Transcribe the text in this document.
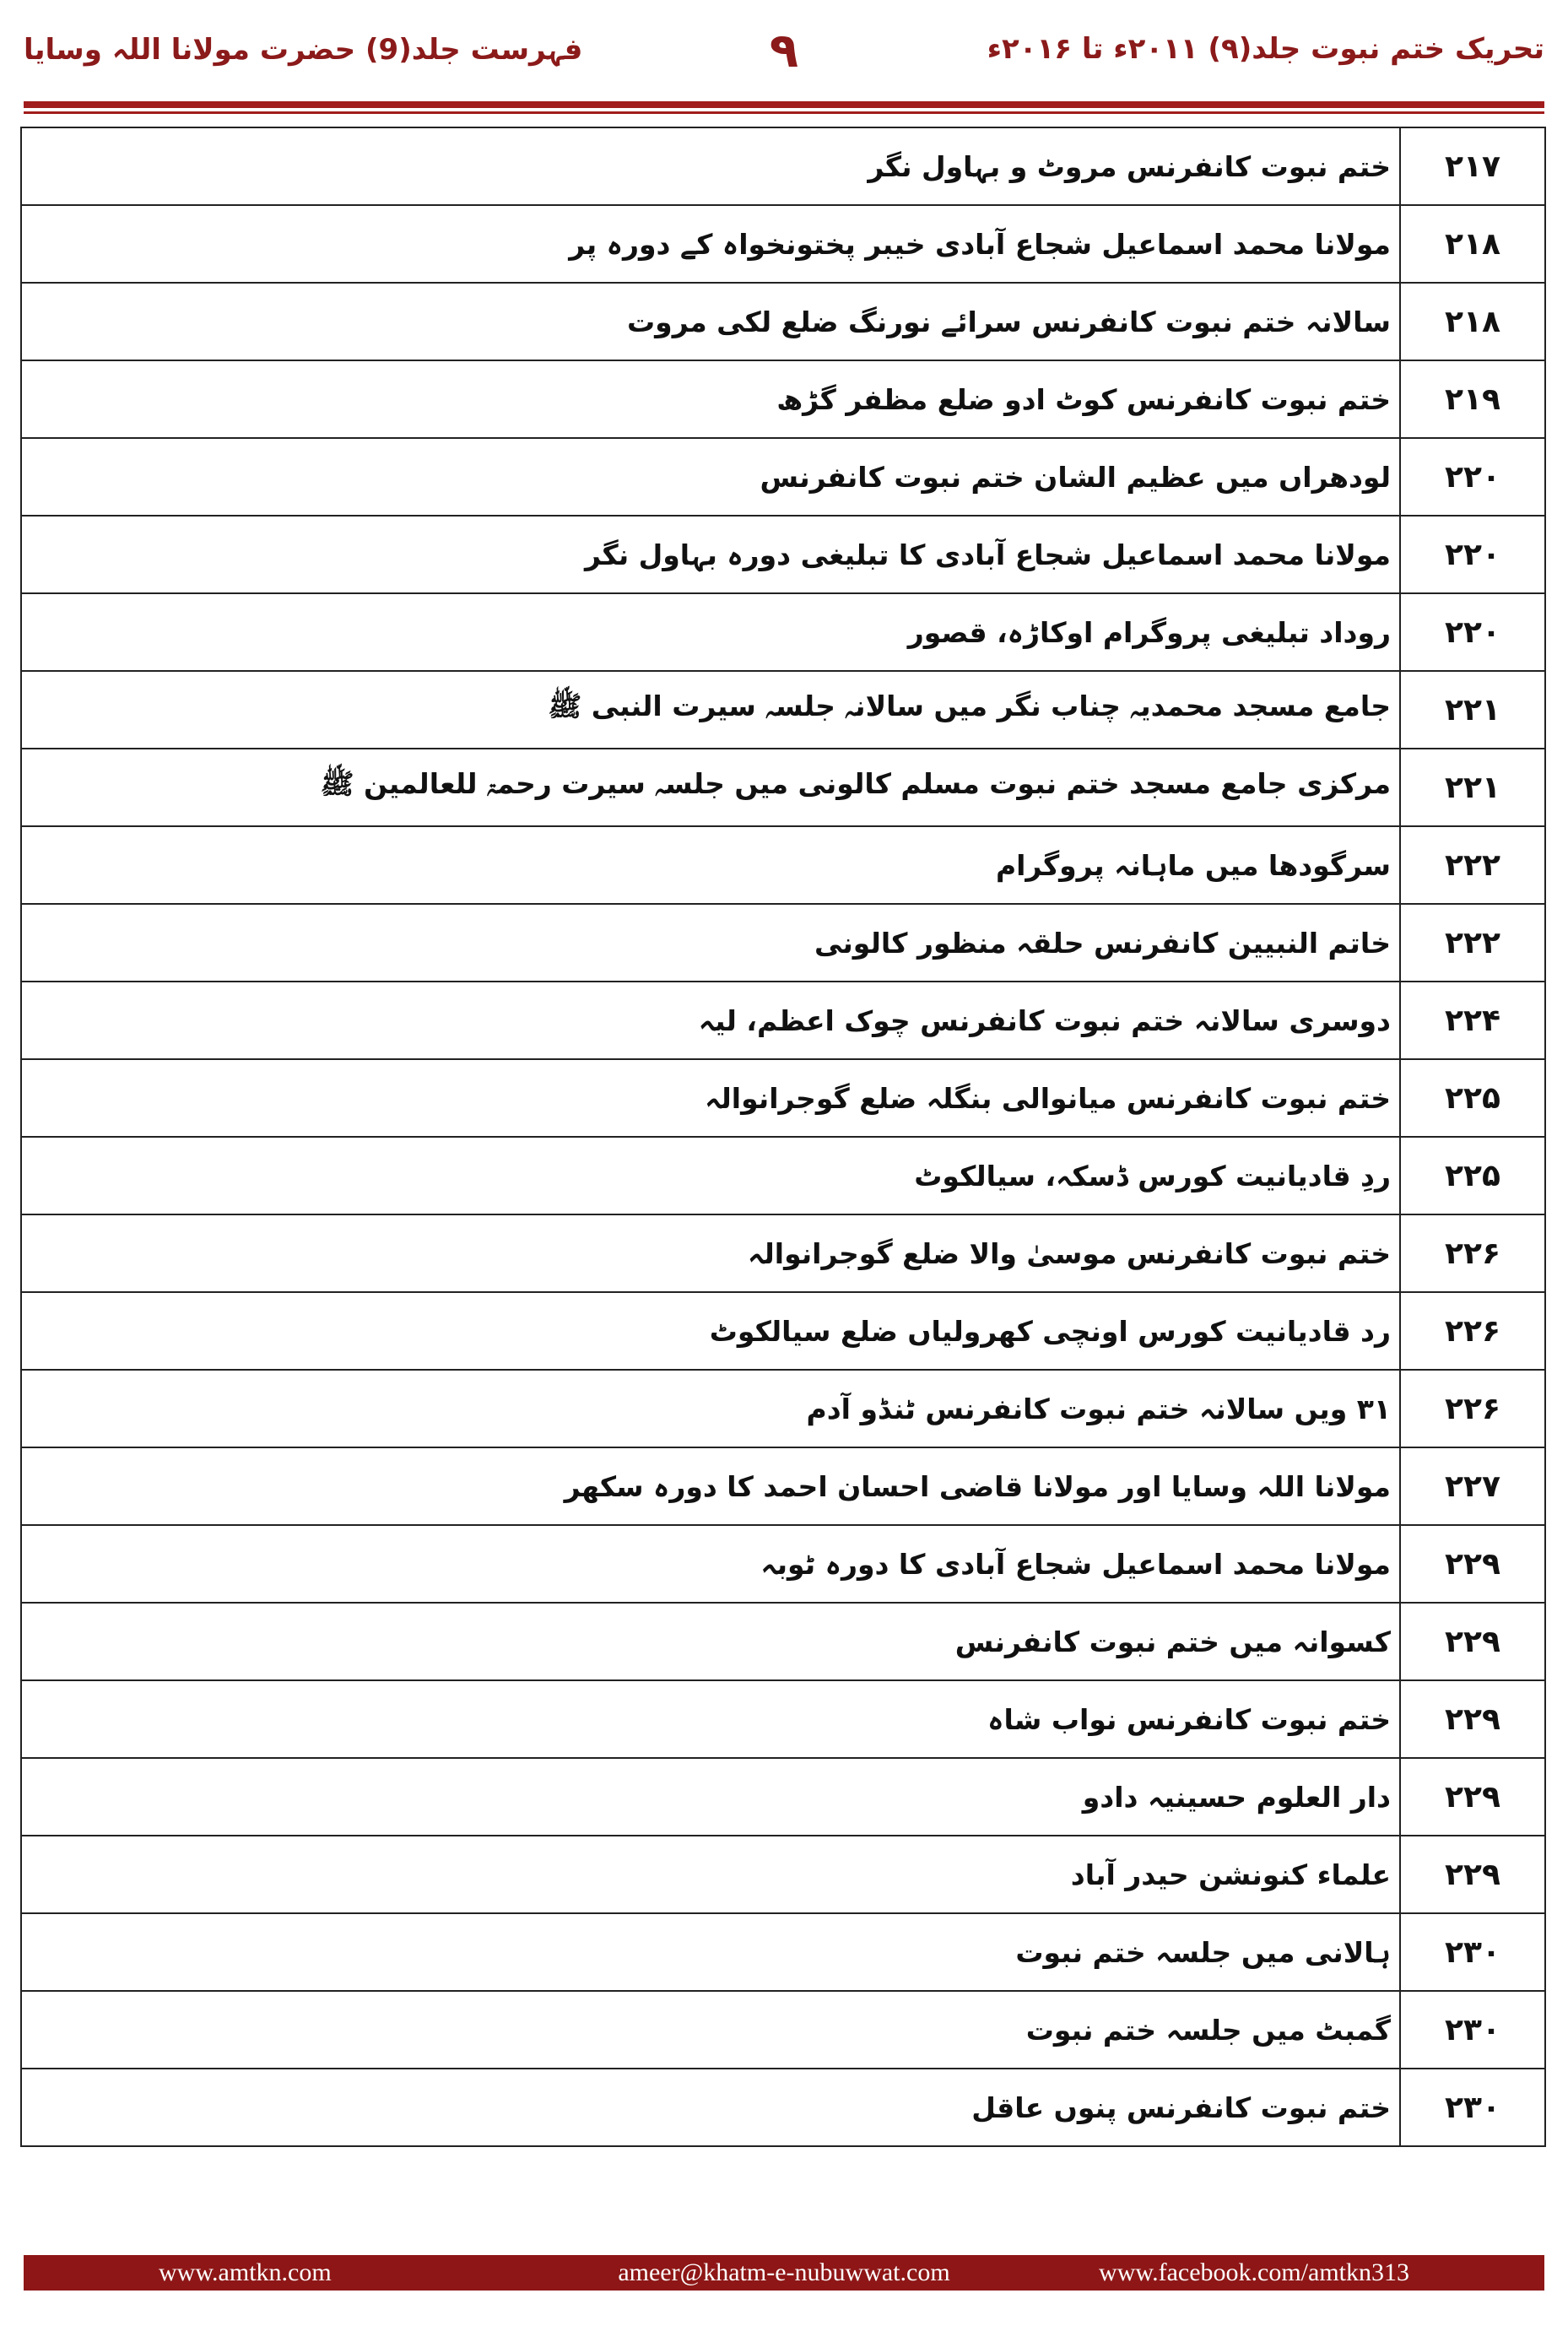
تحریک ختم نبوت جلد(۹) ۲۰۱۱ء تا ۲۰۱۶ء
۹
فہرست جلد(9) حضرت مولانا اللہ وسایا
ختم نبوت کانفرنس مروٹ و بہاول نگر	۲۱۷
مولانا محمد اسماعیل شجاع آبادی خیبر پختونخواہ کے دورہ پر	۲۱۸
سالانہ ختم نبوت کانفرنس سرائے نورنگ ضلع لکی مروت	۲۱۸
ختم نبوت کانفرنس کوٹ ادو ضلع مظفر گڑھ	۲۱۹
لودھراں میں عظیم الشان ختم نبوت کانفرنس	۲۲۰
مولانا محمد اسماعیل شجاع آبادی کا تبلیغی دورہ بہاول نگر	۲۲۰
روداد تبلیغی پروگرام اوکاڑہ، قصور	۲۲۰
جامع مسجد محمدیہ چناب نگر میں سالانہ جلسہ سیرت النبی ﷺ	۲۲۱
مرکزی جامع مسجد ختم نبوت مسلم کالونی میں جلسہ سیرت رحمۃ للعالمین ﷺ	۲۲۱
سرگودھا میں ماہانہ پروگرام	۲۲۲
خاتم النبیین کانفرنس حلقہ منظور کالونی	۲۲۲
دوسری سالانہ ختم نبوت کانفرنس چوک اعظم، لیہ	۲۲۴
ختم نبوت کانفرنس میانوالی بنگلہ ضلع گوجرانوالہ	۲۲۵
ردِ قادیانیت کورس ڈسکہ، سیالکوٹ	۲۲۵
ختم نبوت کانفرنس موسیٰ والا ضلع گوجرانوالہ	۲۲۶
رد قادیانیت کورس اونچی کھرولیاں ضلع سیالکوٹ	۲۲۶
۳۱ ویں سالانہ ختم نبوت کانفرنس ٹنڈو آدم	۲۲۶
مولانا اللہ وسایا اور مولانا قاضی احسان احمد کا دورہ سکھر	۲۲۷
مولانا محمد اسماعیل شجاع آبادی کا دورہ ٹوبہ	۲۲۹
کسوانہ میں ختم نبوت کانفرنس	۲۲۹
ختم نبوت کانفرنس نواب شاہ	۲۲۹
دار العلوم حسینیہ دادو	۲۲۹
علماء کنونشن حیدر آباد	۲۲۹
ہالانی میں جلسہ ختم نبوت	۲۳۰
گمبٹ میں جلسہ ختم نبوت	۲۳۰
ختم نبوت کانفرنس پنوں عاقل	۲۳۰
www.amtkn.com	ameer@khatm-e-nubuwwat.com	www.facebook.com/amtkn313
